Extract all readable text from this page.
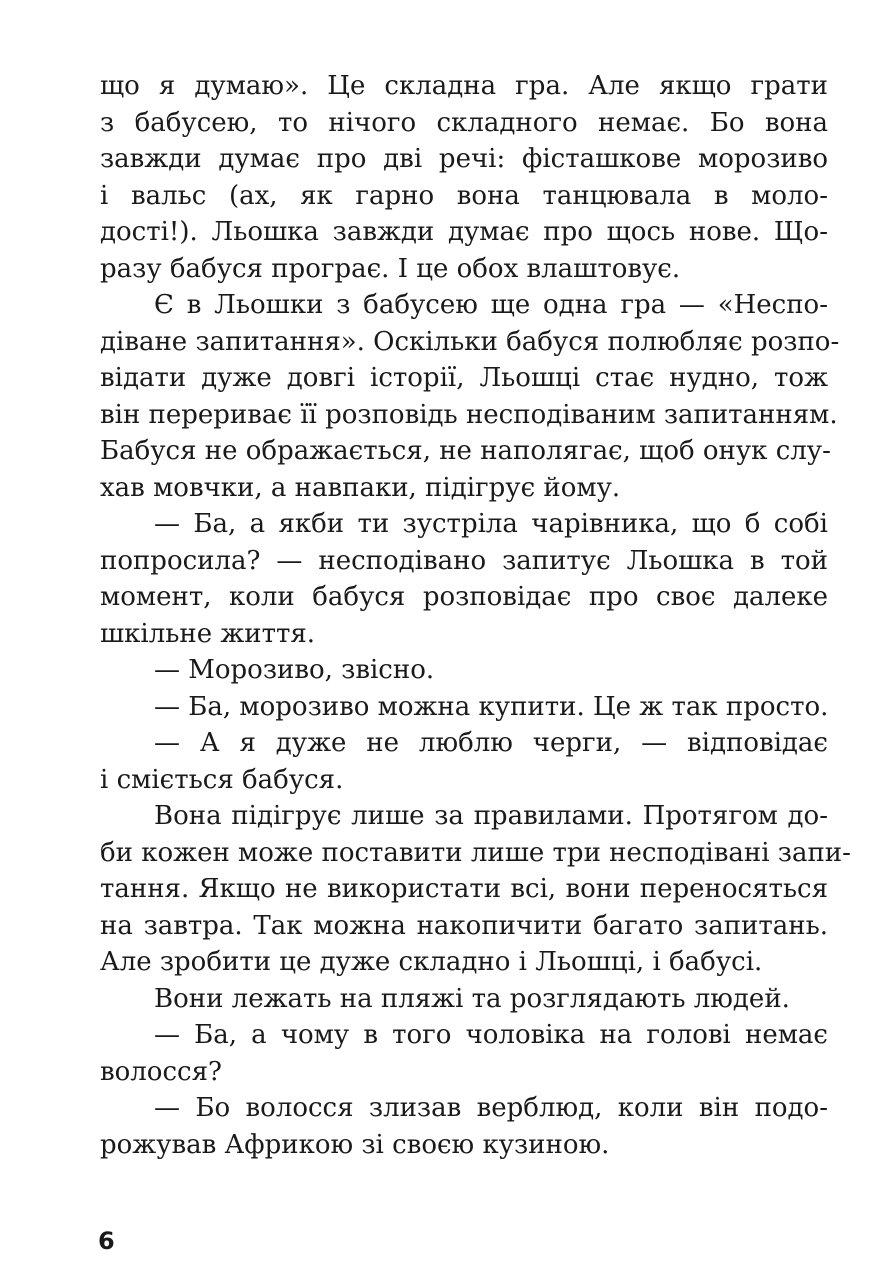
що я думаю». Це складна гра. Але якщо грати
з бабусею, то нічого складного немає. Бо вона
завжди думає про дві речі: фісташкове морозиво
і вальс (ах, як гарно вона танцювала в моло-
дості!). Льошка завжди думає про щось нове. Що-
разу бабуся програє. І це обох влаштовує.
Є в Льошки з бабусею ще одна гра — «Неспо-
діване запитання». Оскільки бабуся полюбляє розпо-
відати дуже довгі історії, Льошці стає нудно, тож
він перериває її розповідь несподіваним запитанням.
Бабуся не ображається, не наполягає, щоб онук слу-
хав мовчки, а навпаки, підігрує йому.
— Ба, а якби ти зустріла чарівника, що б собі
попросила? — несподівано запитує Льошка в той
момент, коли бабуся розповідає про своє далеке
шкільне життя.
— Морозиво, звісно.
— Ба, морозиво можна купити. Це ж так просто.
— А я дуже не люблю черги, — відповідає
і сміється бабуся.
Вона підігрує лише за правилами. Протягом до-
би кожен може поставити лише три несподівані запи-
тання. Якщо не використати всі, вони переносяться
на завтра. Так можна накопичити багато запитань.
Але зробити це дуже складно і Льошці, і бабусі.
Вони лежать на пляжі та розглядають людей.
— Ба, а чому в того чоловіка на голові немає
волосся?
— Бо волосся злизав верблюд, коли він подо-
рожував Африкою зі своєю кузиною.
6
